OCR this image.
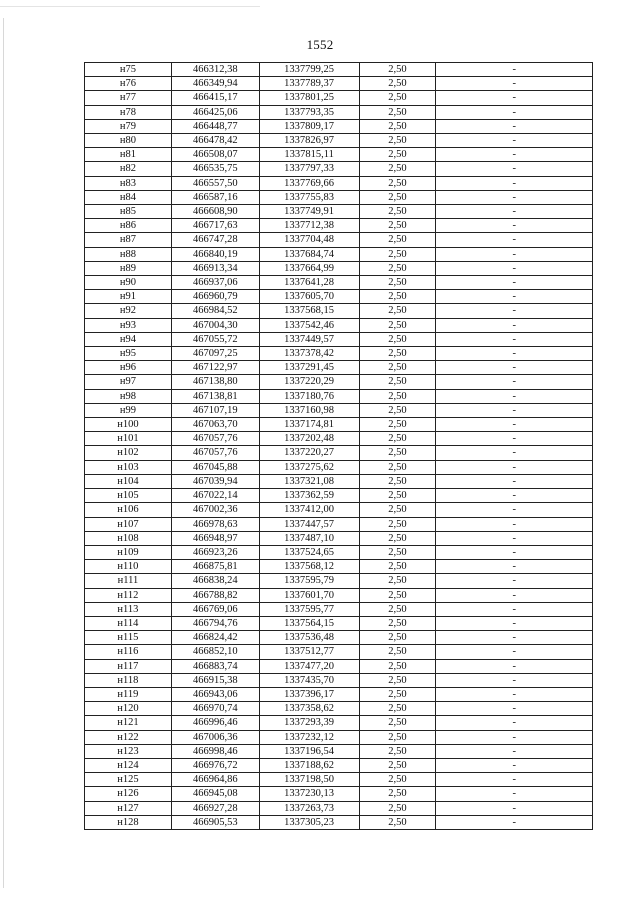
1552
н75	466312,38	1337799,25	2,50	-
н76	466349,94	1337789,37	2,50	-
н77	466415,17	1337801,25	2,50	-
н78	466425,06	1337793,35	2,50	-
н79	466448,77	1337809,17	2,50	-
н80	466478,42	1337826,97	2,50	-
н81	466508,07	1337815,11	2,50	-
н82	466535,75	1337797,33	2,50	-
н83	466557,50	1337769,66	2,50	-
н84	466587,16	1337755,83	2,50	-
н85	466608,90	1337749,91	2,50	-
н86	466717,63	1337712,38	2,50	-
н87	466747,28	1337704,48	2,50	-
н88	466840,19	1337684,74	2,50	-
н89	466913,34	1337664,99	2,50	-
н90	466937,06	1337641,28	2,50	-
н91	466960,79	1337605,70	2,50	-
н92	466984,52	1337568,15	2,50	-
н93	467004,30	1337542,46	2,50	-
н94	467055,72	1337449,57	2,50	-
н95	467097,25	1337378,42	2,50	-
н96	467122,97	1337291,45	2,50	-
н97	467138,80	1337220,29	2,50	-
н98	467138,81	1337180,76	2,50	-
н99	467107,19	1337160,98	2,50	-
н100	467063,70	1337174,81	2,50	-
н101	467057,76	1337202,48	2,50	-
н102	467057,76	1337220,27	2,50	-
н103	467045,88	1337275,62	2,50	-
н104	467039,94	1337321,08	2,50	-
н105	467022,14	1337362,59	2,50	-
н106	467002,36	1337412,00	2,50	-
н107	466978,63	1337447,57	2,50	-
н108	466948,97	1337487,10	2,50	-
н109	466923,26	1337524,65	2,50	-
н110	466875,81	1337568,12	2,50	-
н111	466838,24	1337595,79	2,50	-
н112	466788,82	1337601,70	2,50	-
н113	466769,06	1337595,77	2,50	-
н114	466794,76	1337564,15	2,50	-
н115	466824,42	1337536,48	2,50	-
н116	466852,10	1337512,77	2,50	-
н117	466883,74	1337477,20	2,50	-
н118	466915,38	1337435,70	2,50	-
н119	466943,06	1337396,17	2,50	-
н120	466970,74	1337358,62	2,50	-
н121	466996,46	1337293,39	2,50	-
н122	467006,36	1337232,12	2,50	-
н123	466998,46	1337196,54	2,50	-
н124	466976,72	1337188,62	2,50	-
н125	466964,86	1337198,50	2,50	-
н126	466945,08	1337230,13	2,50	-
н127	466927,28	1337263,73	2,50	-
н128	466905,53	1337305,23	2,50	-
